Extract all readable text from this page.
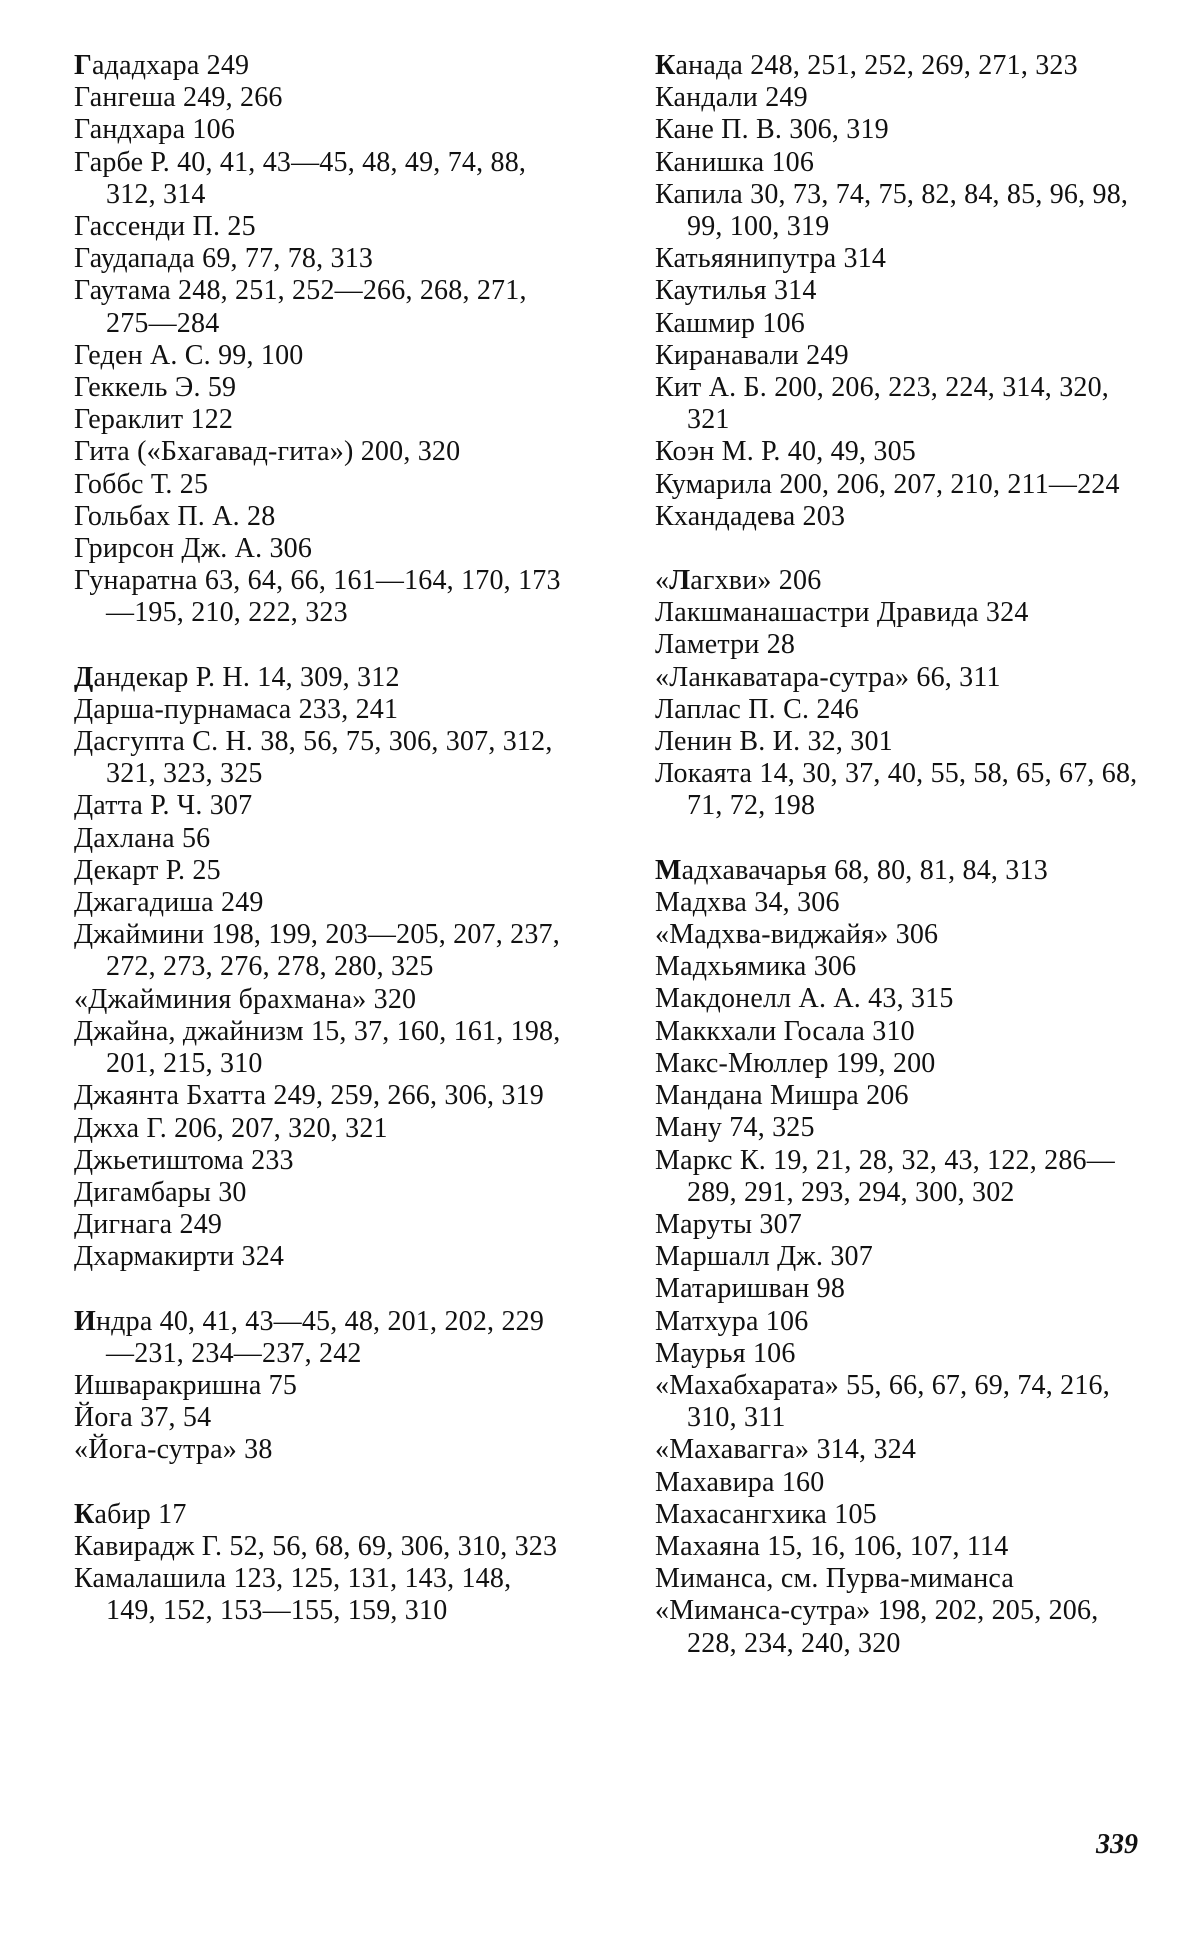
Гададхара 249
Гангеша 249, 266
Гандхара 106
Гарбе Р. 40, 41, 43—45, 48, 49, 74, 88, 312, 314
Гассенди П. 25
Гаудапада 69, 77, 78, 313
Гаутама 248, 251, 252—266, 268, 271, 275—284
Геден А. С. 99, 100
Геккель Э. 59
Гераклит 122
Гита («Бхагавад-гита») 200, 320
Гоббс Т. 25
Гольбах П. А. 28
Грирсон Дж. А. 306
Гунаратна 63, 64, 66, 161—164, 170, 173—195, 210, 222, 323
Дандекар Р. Н. 14, 309, 312
Дарша-пурнамаса 233, 241
Дасгупта С. Н. 38, 56, 75, 306, 307, 312, 321, 323, 325
Датта Р. Ч. 307
Дахлана 56
Декарт Р. 25
Джагадиша 249
Джаймини 198, 199, 203—205, 207, 237, 272, 273, 276, 278, 280, 325
«Джайминия брахмана» 320
Джайна, джайнизм 15, 37, 160, 161, 198, 201, 215, 310
Джаянта Бхатта 249, 259, 266, 306, 319
Джха Г. 206, 207, 320, 321
Джьетиштома 233
Дигамбары 30
Дигнага 249
Дхармакирти 324
Индра 40, 41, 43—45, 48, 201, 202, 229—231, 234—237, 242
Ишваракришна 75
Йога 37, 54
«Йога-сутра» 38
Кабир 17
Кавирадж Г. 52, 56, 68, 69, 306, 310, 323
Камалашила 123, 125, 131, 143, 148, 149, 152, 153—155, 159, 310
Канада 248, 251, 252, 269, 271, 323
Кандали 249
Кане П. В. 306, 319
Канишка 106
Капила 30, 73, 74, 75, 82, 84, 85, 96, 98, 99, 100, 319
Катьяянипутра 314
Каутилья 314
Кашмир 106
Киранавали 249
Кит А. Б. 200, 206, 223, 224, 314, 320, 321
Коэн М. Р. 40, 49, 305
Кумарила 200, 206, 207, 210, 211—224
Кхандадева 203
«Лагхви» 206
Лакшманашастри Дравида 324
Ламетри 28
«Ланкаватара-сутра» 66, 311
Лаплас П. С. 246
Ленин В. И. 32, 301
Локаята 14, 30, 37, 40, 55, 58, 65, 67, 68, 71, 72, 198
Мадхавачарья 68, 80, 81, 84, 313
Мадхва 34, 306
«Мадхва-виджайя» 306
Мадхьямика 306
Макдонелл А. А. 43, 315
Маккхали Госала 310
Макс-Мюллер 199, 200
Мандана Мишра 206
Ману 74, 325
Маркс К. 19, 21, 28, 32, 43, 122, 286—289, 291, 293, 294, 300, 302
Маруты 307
Маршалл Дж. 307
Матаришван 98
Матхура 106
Маурья 106
«Махабхарата» 55, 66, 67, 69, 74, 216, 310, 311
«Махавагга» 314, 324
Махавира 160
Махасангхика 105
Махаяна 15, 16, 106, 107, 114
Миманса, см. Пурва-миманса
«Миманса-сутра» 198, 202, 205, 206, 228, 234, 240, 320
339
